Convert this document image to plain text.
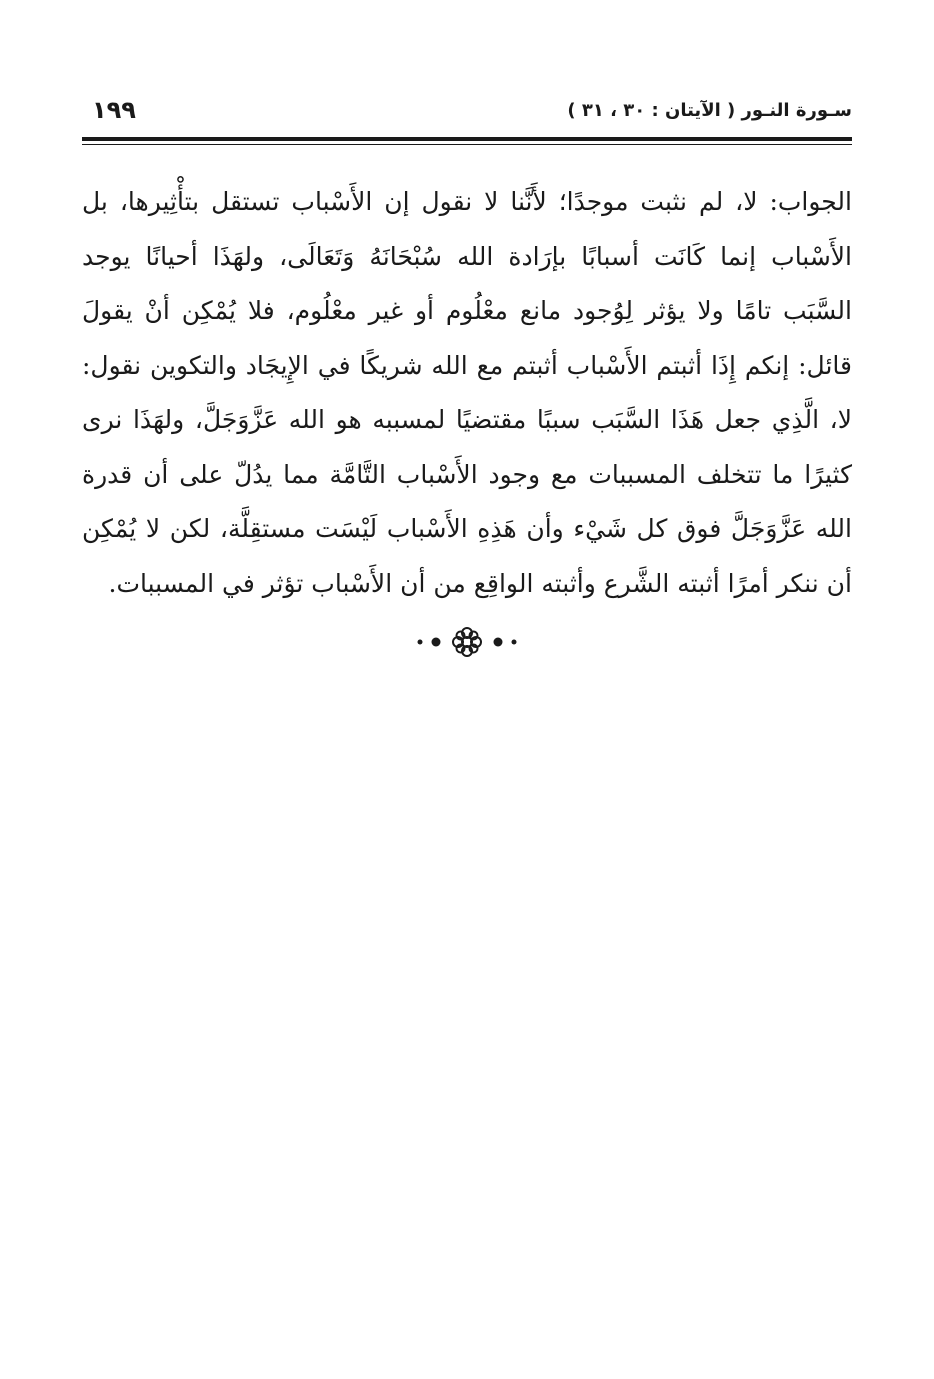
١٩٩	سـورة النـور ( الآيتان : ٣٠ ، ٣١ )

الجواب: لا، لم نثبت موجدًا؛ لأَنَّنا لا نقول إن الأَسْباب تستقل بتأْثِيرها، بل الأَسْباب إنما كَانَت أسبابًا بإرَادة الله سُبْحَانَهُ وَتَعَالَى، ولهَذَا أحيانًا يوجد السَّبَب تامًا ولا يؤثر لِوُجود مانع معْلُوم أو غير معْلُوم، فلا يُمْكِن أنْ يقولَ قائل: إنكم إِذَا أثبتم الأَسْباب أثبتم مع الله شريكًا في الإِيجَاد والتكوين نقول: لا، الَّذِي جعل هَذَا السَّبَب سببًا مقتضيًا لمسببه هو الله عَزَّوَجَلَّ، ولهَذَا نرى كثيرًا ما تتخلف المسببات مع وجود الأَسْباب التَّامَّة مما يدُلّ على أن قدرة الله عَزَّوَجَلَّ فوق كل شَيْء وأن هَذِهِ الأَسْباب لَيْسَت مستقِلَّة، لكن لا يُمْكِن أن ننكر أمرًا أثبته الشَّرع وأثبته الواقِع من أن الأَسْباب تؤثر في المسببات.
